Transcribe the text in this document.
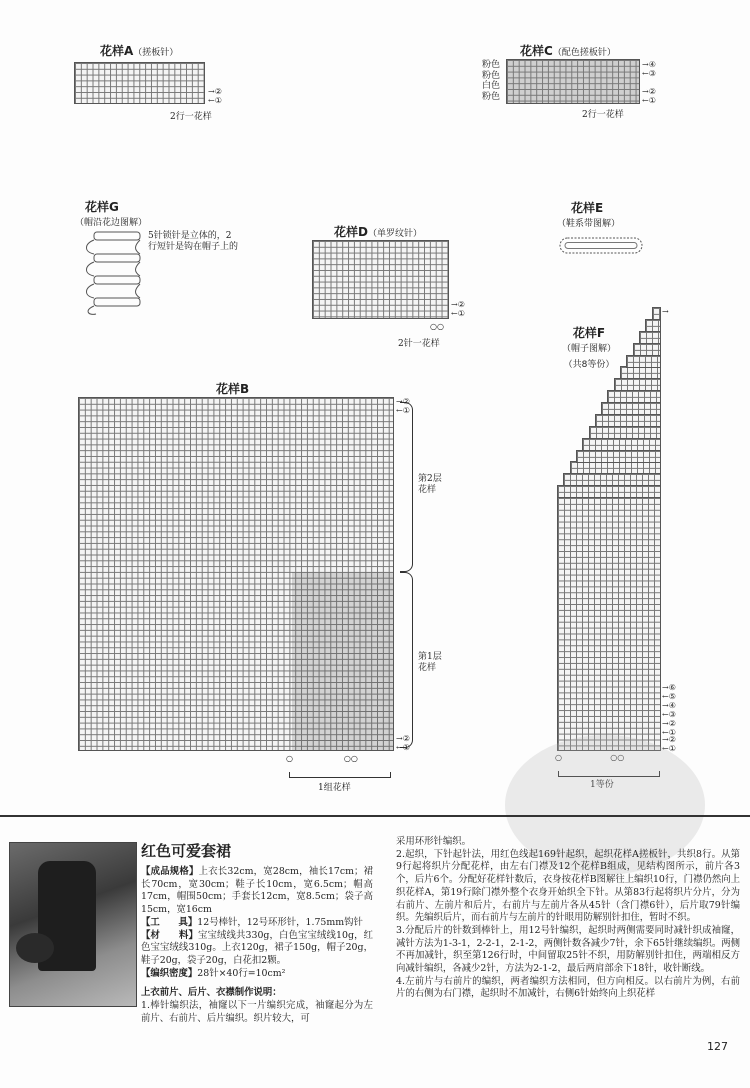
花样A（搓板针）
→②
←①
2行一花样
花样C（配色搓板针）
粉色
粉色
白色
粉色
→④
←③

→②
←①
2行一花样
花样G
（帽沿花边图解）
5针锁针是立体的，2行短针是钩在帽子上的
花样D（单罗纹针）
→②
←①
○○
2针一花样
花样E
（鞋系带图解）
花样B
第2层 花样
第1层 花样
→②
←①
→②
←①
○                    ○○
1组花样
花样F
（帽子图解）
（共8等份）
→⑥
←⑤
→④
←③
→②
←①
→
→②
←①
○                   ○○
1等份
红色可爱套裙

【成品规格】上衣长32cm，宽28cm，袖长17cm；裙长70cm，宽30cm；鞋子长10cm，宽6.5cm；帽高17cm，帽围50cm；手套长12cm，宽8.5cm；袋子高15cm，宽16cm

【工　　具】12号棒针，12号环形针，1.75mm钩针

【材　　料】宝宝绒线共330g，白色宝宝绒线10g，红色宝宝绒线310g。上衣120g，裙子150g，帽子20g，鞋子20g，袋子20g，白花扣2颗。

【编织密度】28针×40行=10cm²

上衣前片、后片、衣襟制作说明：

1.棒针编织法，袖窿以下一片编织完成，袖窿起分为左前片、右前片、后片编织。织片较大，可

采用环形针编织。

2.起织，下针起针法，用红色线起169针起织，起织花样A搓板针，共织8行。从第9行起将织片分配花样，由左右门襟及12个花样B组成，见结构图所示，前片各3个，后片6个。分配好花样针数后，衣身按花样B图解往上编织10行，门襟仍然向上织花样A，第19行除门襟外整个衣身开始织全下针。从第83行起将织片分片，分为右前片、左前片和后片，右前片与左前片各从45针（含门襟6针），后片取79针编织。先编织后片，而右前片与左前片的针眼用防解别针扣住，暂时不织。

3.分配后片的针数到棒针上，用12号针编织，起织时两侧需要同时减针织成袖窿，减针方法为1-3-1，2-2-1，2-1-2，两侧针数各减少7针，余下65针继续编织。两侧不再加减针，织至第126行时，中间留取25针不织，用防解别针扣住，两端相反方向减针编织，各减少2针，方法为2-1-2，最后两肩部余下18针，收针断线。

4.左前片与右前片的编织，两者编织方法相同，但方向相反。以右前片为例，右前片的右侧为右门襟，起织时不加减针，右侧6针始终向上织花样

127
